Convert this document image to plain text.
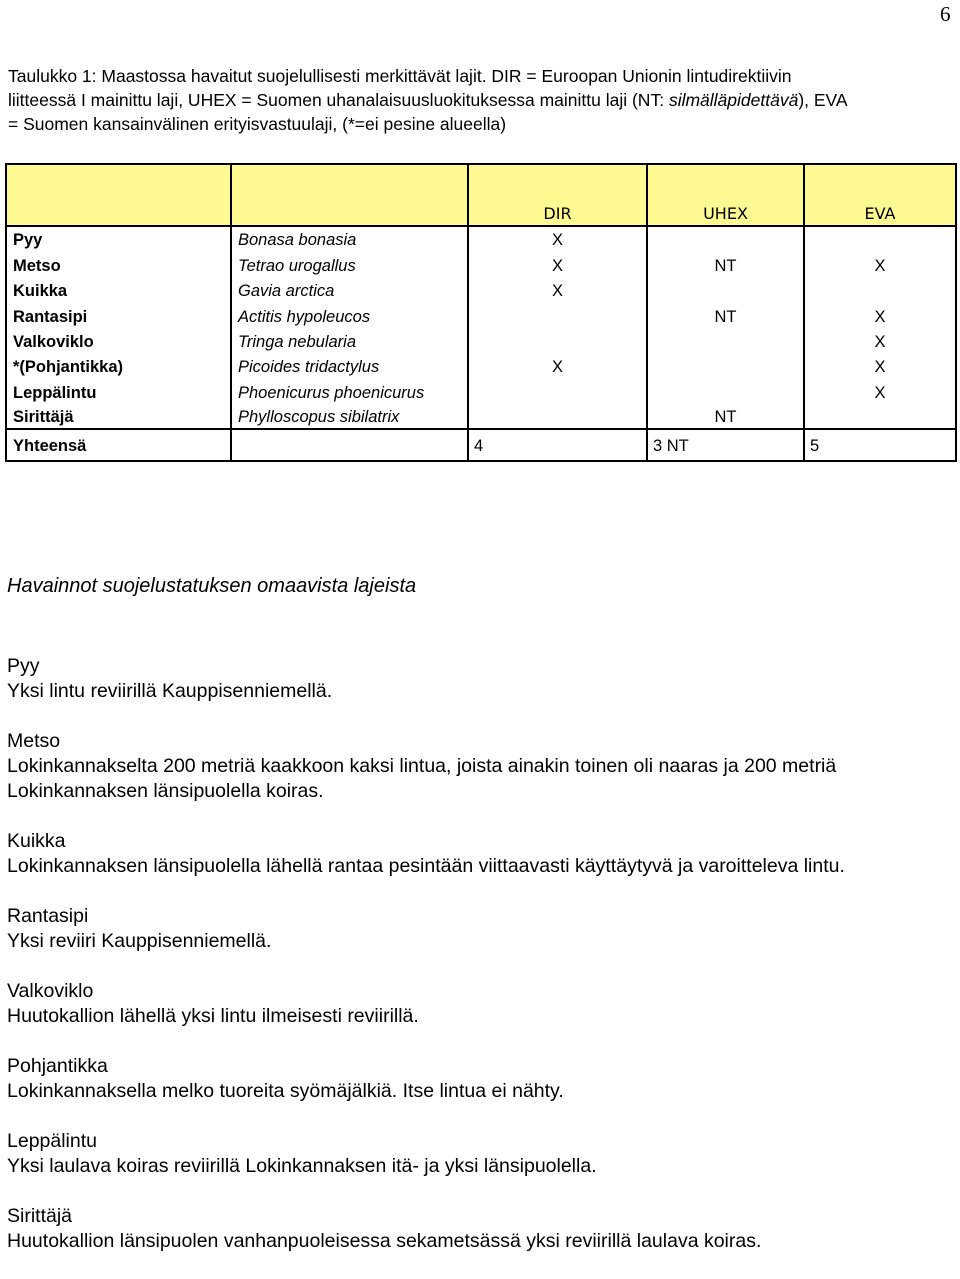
6
Taulukko 1: Maastossa havaitut suojelullisesti merkittävät lajit. DIR = Euroopan Unionin lintudirektiivin
liitteessä I mainittu laji, UHEX = Suomen uhanalaisuusluokituksessa mainittu laji (NT: silmälläpidettävä), EVA
= Suomen kansainvälinen erityisvastuulaji, (*=ei pesine alueella)
		DIR	UHEX	EVA
Pyy	Bonasa bonasia	X		
Metso	Tetrao urogallus	X	NT	X
Kuikka	Gavia arctica	X		
Rantasipi	Actitis hypoleucos		NT	X
Valkoviklo	Tringa nebularia			X
*(Pohjantikka)	Picoides tridactylus	X		X
Leppälintu	Phoenicurus phoenicurus			X
Sirittäjä	Phylloscopus sibilatrix		NT	
Yhteensä		4	3 NT	5
Havainnot suojelustatuksen omaavista lajeista
Pyy
Yksi lintu reviirillä Kauppisenniemellä.
Metso
Lokinkannakselta 200 metriä kaakkoon kaksi lintua, joista ainakin toinen oli naaras ja 200 metriä
Lokinkannaksen länsipuolella koiras.
Kuikka
Lokinkannaksen länsipuolella lähellä rantaa pesintään viittaavasti käyttäytyvä ja varoitteleva lintu.
Rantasipi
Yksi reviiri Kauppisenniemellä.
Valkoviklo
Huutokallion lähellä yksi lintu ilmeisesti reviirillä.
Pohjantikka
Lokinkannaksella melko tuoreita syömäjälkiä. Itse lintua ei nähty.
Leppälintu
Yksi laulava koiras reviirillä Lokinkannaksen itä- ja yksi länsipuolella.
Sirittäjä
Huutokallion länsipuolen vanhanpuoleisessa sekametsässä yksi reviirillä laulava koiras.
